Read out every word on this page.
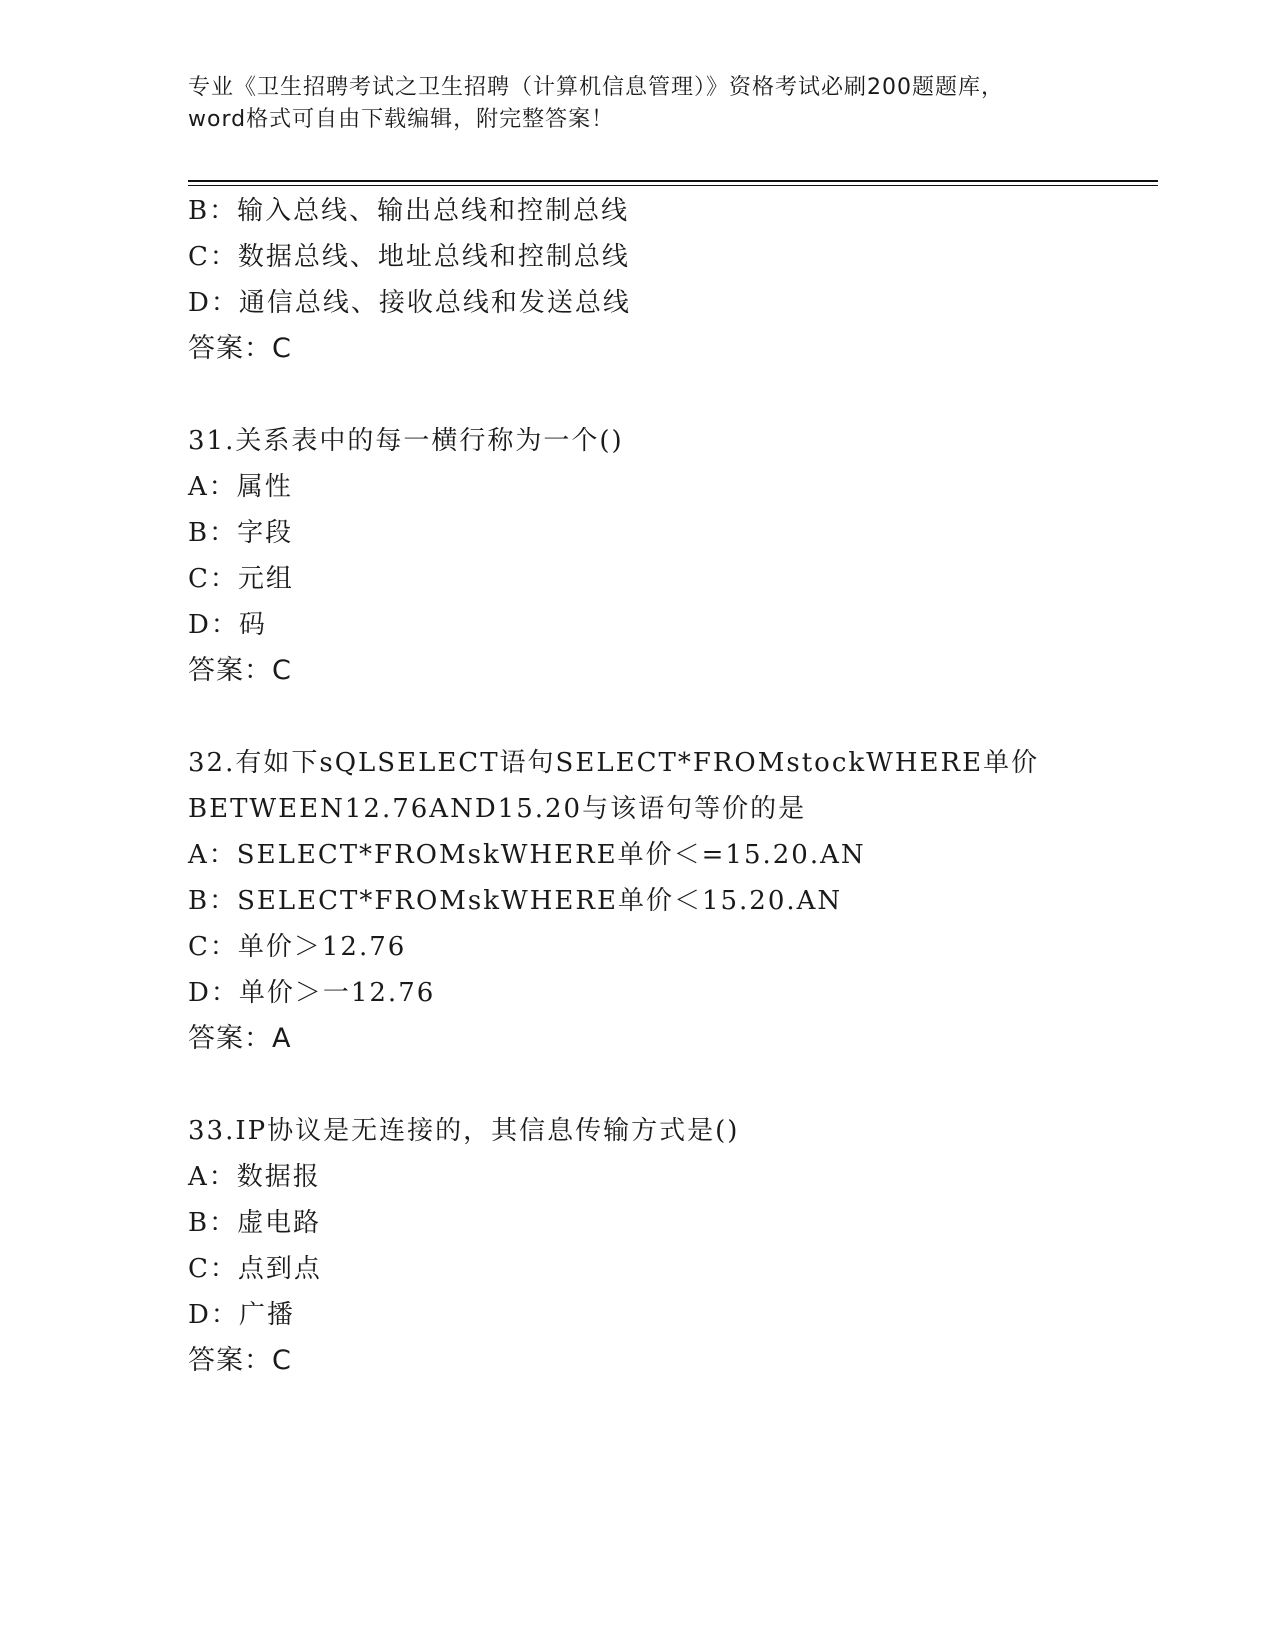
专业《卫生招聘考试之卫生招聘（计算机信息管理）》资格考试必刷200题题库，
word格式可自由下载编辑，附完整答案！
B：输入总线、输出总线和控制总线
C：数据总线、地址总线和控制总线
D：通信总线、接收总线和发送总线
答案：C
31.关系表中的每一横行称为一个()
A：属性
B：字段
C：元组
D：码
答案：C
32.有如下sQLSELECT语句SELECT*FROMstockWHERE单价
BETWEEN12.76AND15.20与该语句等价的是
A：SELECT*FROMskWHERE单价＜=15.20.AN
B：SELECT*FROMskWHERE单价＜15.20.AN
C：单价＞12.76
D：单价＞一12.76
答案：A
33.IP协议是无连接的，其信息传输方式是()
A：数据报
B：虚电路
C：点到点
D：广播
答案：C
